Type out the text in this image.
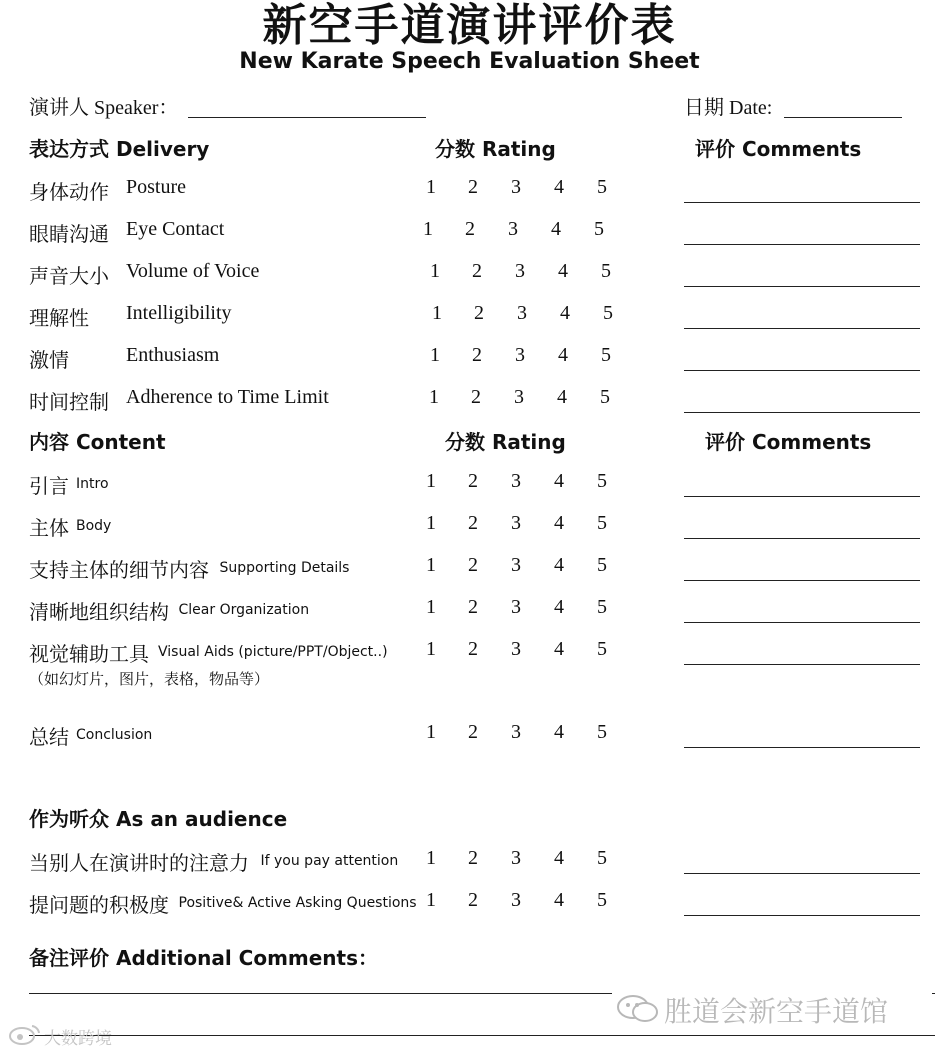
新空手道演讲评价表
New Karate Speech Evaluation Sheet
演讲人 Speaker：	日期 Date:
表达方式 Delivery	分数 Rating	评价 Comments
身体动作 Posture	1 2 3 4 5
眼睛沟通 Eye Contact	1 2 3 4 5
声音大小 Volume of Voice	1 2 3 4 5
理解性 Intelligibility	1 2 3 4 5
激情	Enthusiasm	1 2 3 4 5
时间控制 Adherence to Time Limit	1 2 3 4 5
内容 Content	分数 Rating	评价 Comments
引言 Intro	1 2 3 4 5
主体 Body	1 2 3 4 5
支持主体的细节内容 Supporting Details	1 2 3 4 5
清晰地组织结构 Clear Organization	1 2 3 4 5
视觉辅助工具 Visual Aids (picture/PPT/Object..)
（如幻灯片，图片，表格，物品等）
1 2 3 4 5
总结 Conclusion	1 2 3 4 5
作为听众 As an audience
当别人在演讲时的注意力 If you pay attention 1 2 3 4 5
提问题的积极度 Positive& Active Asking Questions 1 2 3 4 5
备注评价 Additional Comments：
胜道会新空手道馆
大数跨境
